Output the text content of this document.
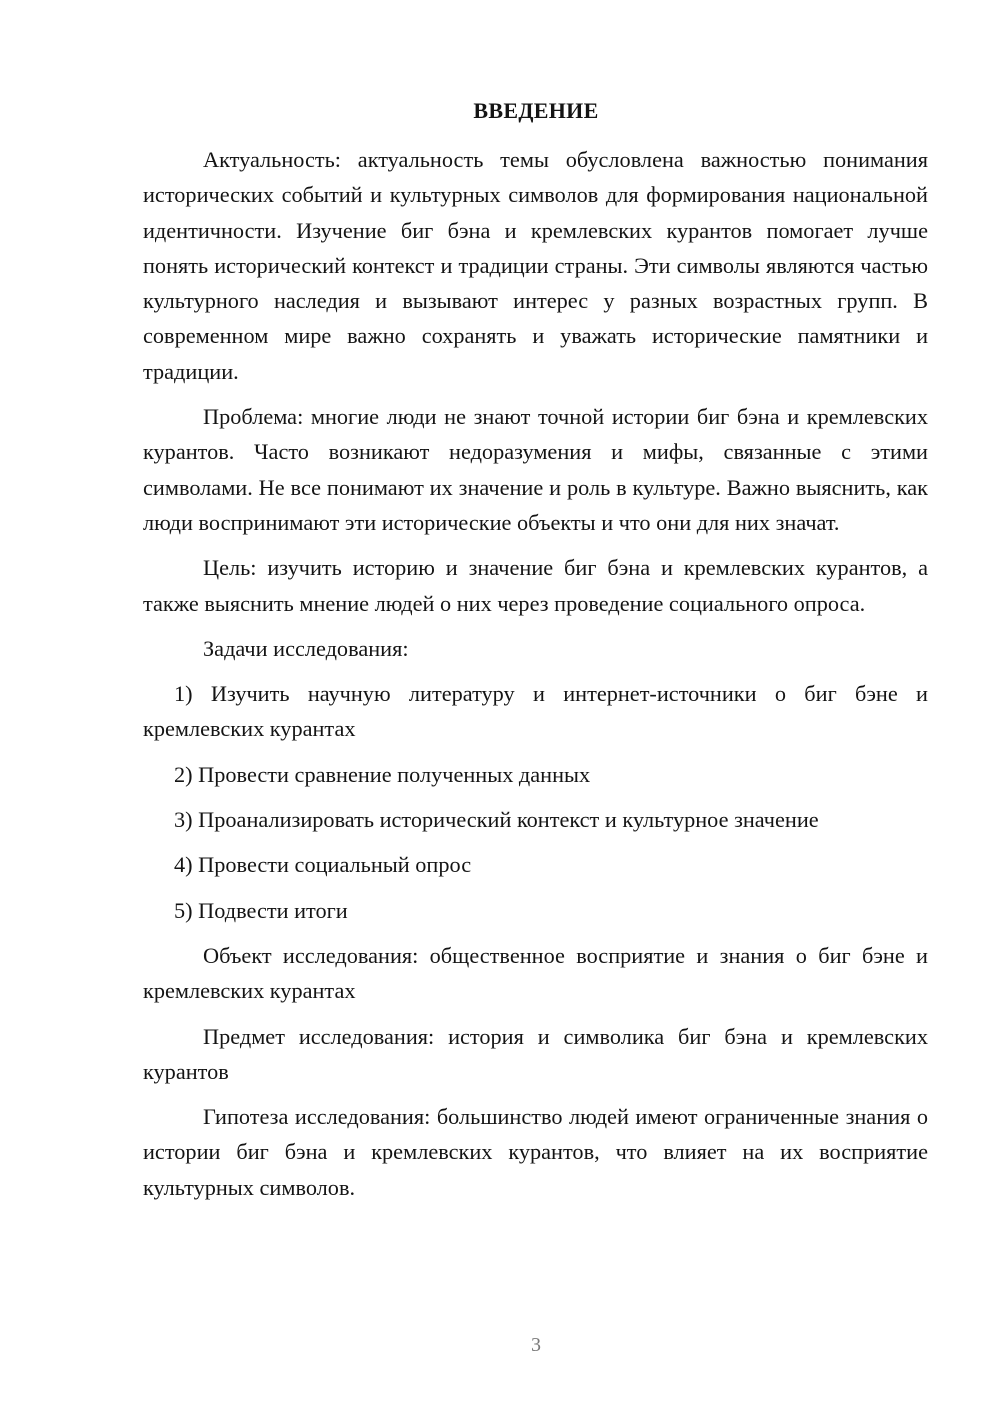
ВВЕДЕНИЕ

Актуальность: актуальность темы обусловлена важностью понимания исторических событий и культурных символов для формирования национальной идентичности. Изучение биг бэна и кремлевских курантов помогает лучше понять исторический контекст и традиции страны. Эти символы являются частью культурного наследия и вызывают интерес у разных возрастных групп. В современном мире важно сохранять и уважать исторические памятники и традиции.

Проблема: многие люди не знают точной истории биг бэна и кремлевских курантов. Часто возникают недоразумения и мифы, связанные с этими символами. Не все понимают их значение и роль в культуре. Важно выяснить, как люди воспринимают эти исторические объекты и что они для них значат.

Цель: изучить историю и значение биг бэна и кремлевских курантов, а также выяснить мнение людей о них через проведение социального опроса.

Задачи исследования:

1) Изучить научную литературу и интернет-источники о биг бэне и кремлевских курантах

2) Провести сравнение полученных данных

3) Проанализировать исторический контекст и культурное значение

4) Провести социальный опрос

5) Подвести итоги

Объект исследования: общественное восприятие и знания о биг бэне и кремлевских курантах

Предмет исследования: история и символика биг бэна и кремлевских курантов

Гипотеза исследования: большинство людей имеют ограниченные знания о истории биг бэна и кремлевских курантов, что влияет на их восприятие культурных символов.

3
